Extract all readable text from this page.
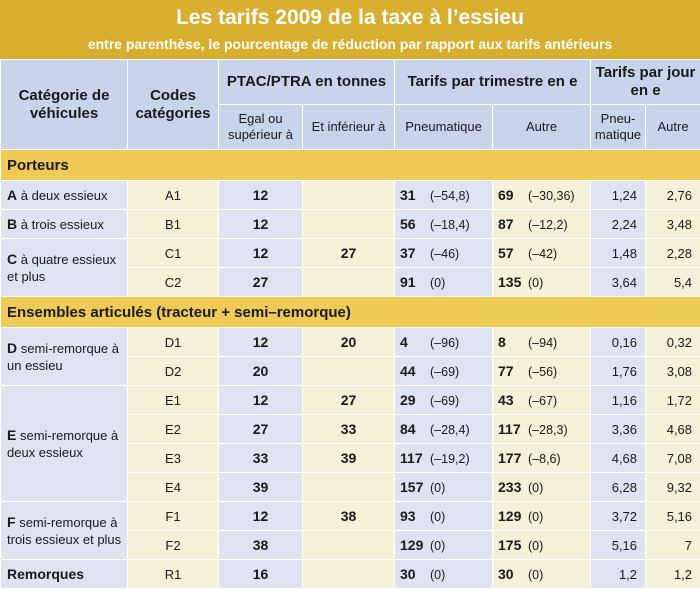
Les tarifs 2009 de la taxe à l’essieu
entre parenthèse, le pourcentage de réduction par rapport aux tarifs antérieurs
Catégorie de véhicules	Codes catégories	PTAC/PTRA en tonnes		Tarifs par trimestre en e		Tarifs par jour en e	
		Egal ou supérieur à	Et inférieur à	Pneumatique	Autre	Pneu-matique	Autre
Porteurs							
A à deux essieux	A1	12		31 (–54,8)	69 (–30,36)	1,24	2,76
B à trois essieux	B1	12		56 (–18,4)	87 (–12,2)	2,24	3,48
C à quatre essieux et plus	C1	12	27	37 (–46)	57 (–42)	1,48	2,28
	C2	27		91 (0)	135 (0)	3,64	5,4
Ensembles articulés (tracteur + semi–remorque)							
D semi-remorque à un essieu	D1	12	20	4 (–96)	8 (–94)	0,16	0,32
	D2	20		44 (–69)	77 (–56)	1,76	3,08
E semi-remorque à deux essieux	E1	12	27	29 (–69)	43 (–67)	1,16	1,72
	E2	27	33	84 (–28,4)	117 (–28,3)	3,36	4,68
	E3	33	39	117 (–19,2)	177 (–8,6)	4,68	7,08
	E4	39		157 (0)	233 (0)	6,28	9,32
F semi-remorque à trois essieux et plus	F1	12	38	93 (0)	129 (0)	3,72	5,16
	F2	38		129 (0)	175 (0)	5,16	7
Remorques	R1	16		30 (0)	30 (0)	1,2	1,2
